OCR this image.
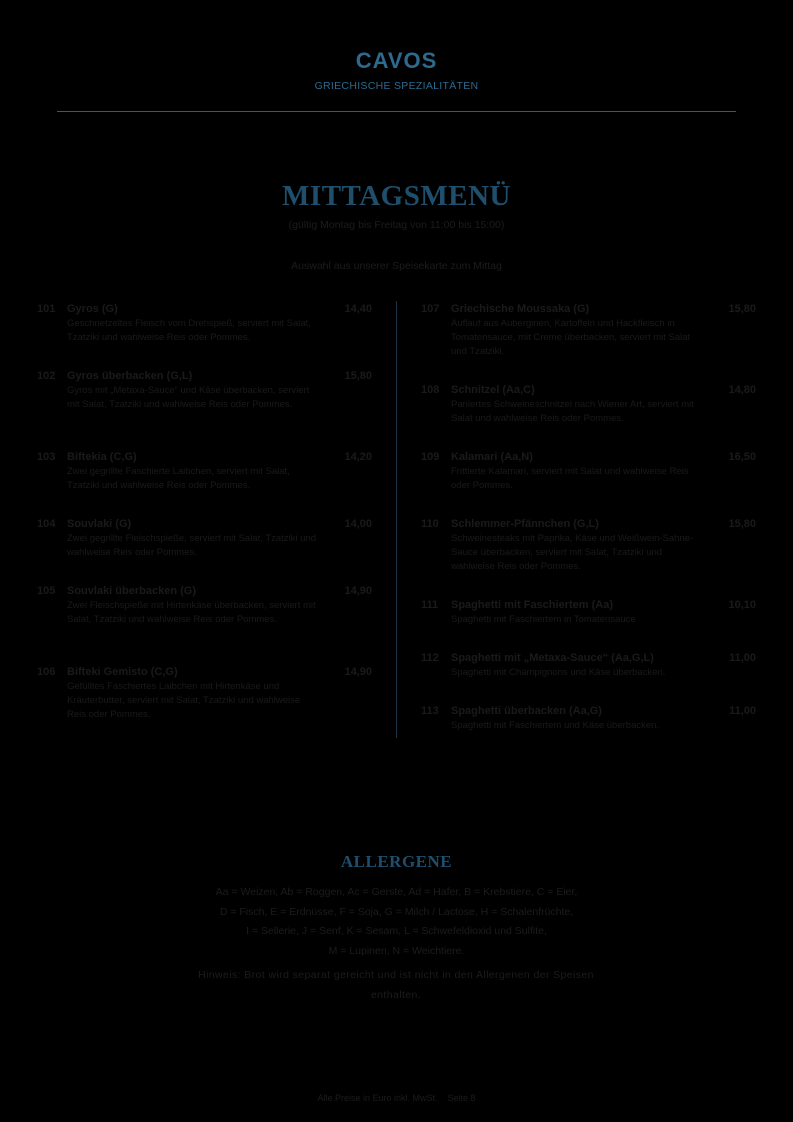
CAVOS
GRIECHISCHE SPEZIALITÄTEN
MITTAGSMENÜ
(gültig Montag bis Freitag von 11:00 bis 15:00)
Auswahl aus unserer Speisekarte zum Mittag
101 Gyros (G)	14,40
Geschnetzeltes Fleisch vom Drehspieß, serviert mit Salat, Tzatziki und wahlweise Reis oder Pommes.
102 Gyros überbacken (G,L)	15,80
Gyros mit „Metaxa-Sauce“ und Käse überbacken, serviert mit Salat, Tzatziki und wahlweise Reis oder Pommes.
103 Biftekia (C,G)	14,20
Zwei gegrillte Faschierte Laibchen, serviert mit Salat, Tzatziki und wahlweise Reis oder Pommes.
104 Souvlaki (G)	14,00
Zwei gegrillte Fleischspieße, serviert mit Salat, Tzatziki und wahlweise Reis oder Pommes.
105 Souvlaki überbacken (G)	14,90
Zwei Fleischspieße mit Hirtenkäse überbacken, serviert mit Salat, Tzatziki und wahlweise Reis oder Pommes.
106 Bifteki Gemisto (C,G)	14,90
Gefülltes Faschiertes Laibchen mit Hirtenkäse und Kräuterbutter, serviert mit Salat, Tzatziki und wahlweise Reis oder Pommes.
107 Griechische Moussaka (G)	15,80
Auflauf aus Auberginen, Kartoffeln und Hackfleisch in Tomatensauce, mit Creme überbacken, serviert mit Salat und Tzatziki.
108 Schnitzel (Aa,C)	14,80
Paniertes Schweineschnitzel nach Wiener Art, serviert mit Salat und wahlweise Reis oder Pommes.
109 Kalamari (Aa,N)	16,50
Frittierte Kalamari, serviert mit Salat und wahlweise Reis oder Pommes.
110 Schlemmer-Pfännchen (G,L)	15,80
Schweinesteaks mit Paprika, Käse und Weißwein-Sahne-Sauce überbacken, serviert mit Salat, Tzatziki und wahlweise Reis oder Pommes.
111 Spaghetti mit Faschiertem (Aa)	10,10
Spaghetti mit Faschiertem in Tomatensauce
112 Spaghetti mit „Metaxa-Sauce“ (Aa,G,L)	11,00
Spaghetti mit Champignons und Käse überbacken.
113 Spaghetti überbacken (Aa,G)	11,00
Spaghetti mit Faschiertem und Käse überbacken.
ALLERGENE
Aa = Weizen, Ab = Roggen, Ac = Gerste, Ad = Hafer, B = Krebstiere, C = Eier,
D = Fisch, E = Erdnüsse, F = Soja, G = Milch / Lactose, H = Schalenfrüchte,
I = Sellerie, J = Senf, K = Sesam, L = Schwefeldioxid und Sulfite,
M = Lupinen, N = Weichtiere.
Hinweis: Brot wird separat gereicht und ist nicht in den Allergenen der Speisen enthalten.
Alle Preise in Euro inkl. MwSt.    Seite 8
